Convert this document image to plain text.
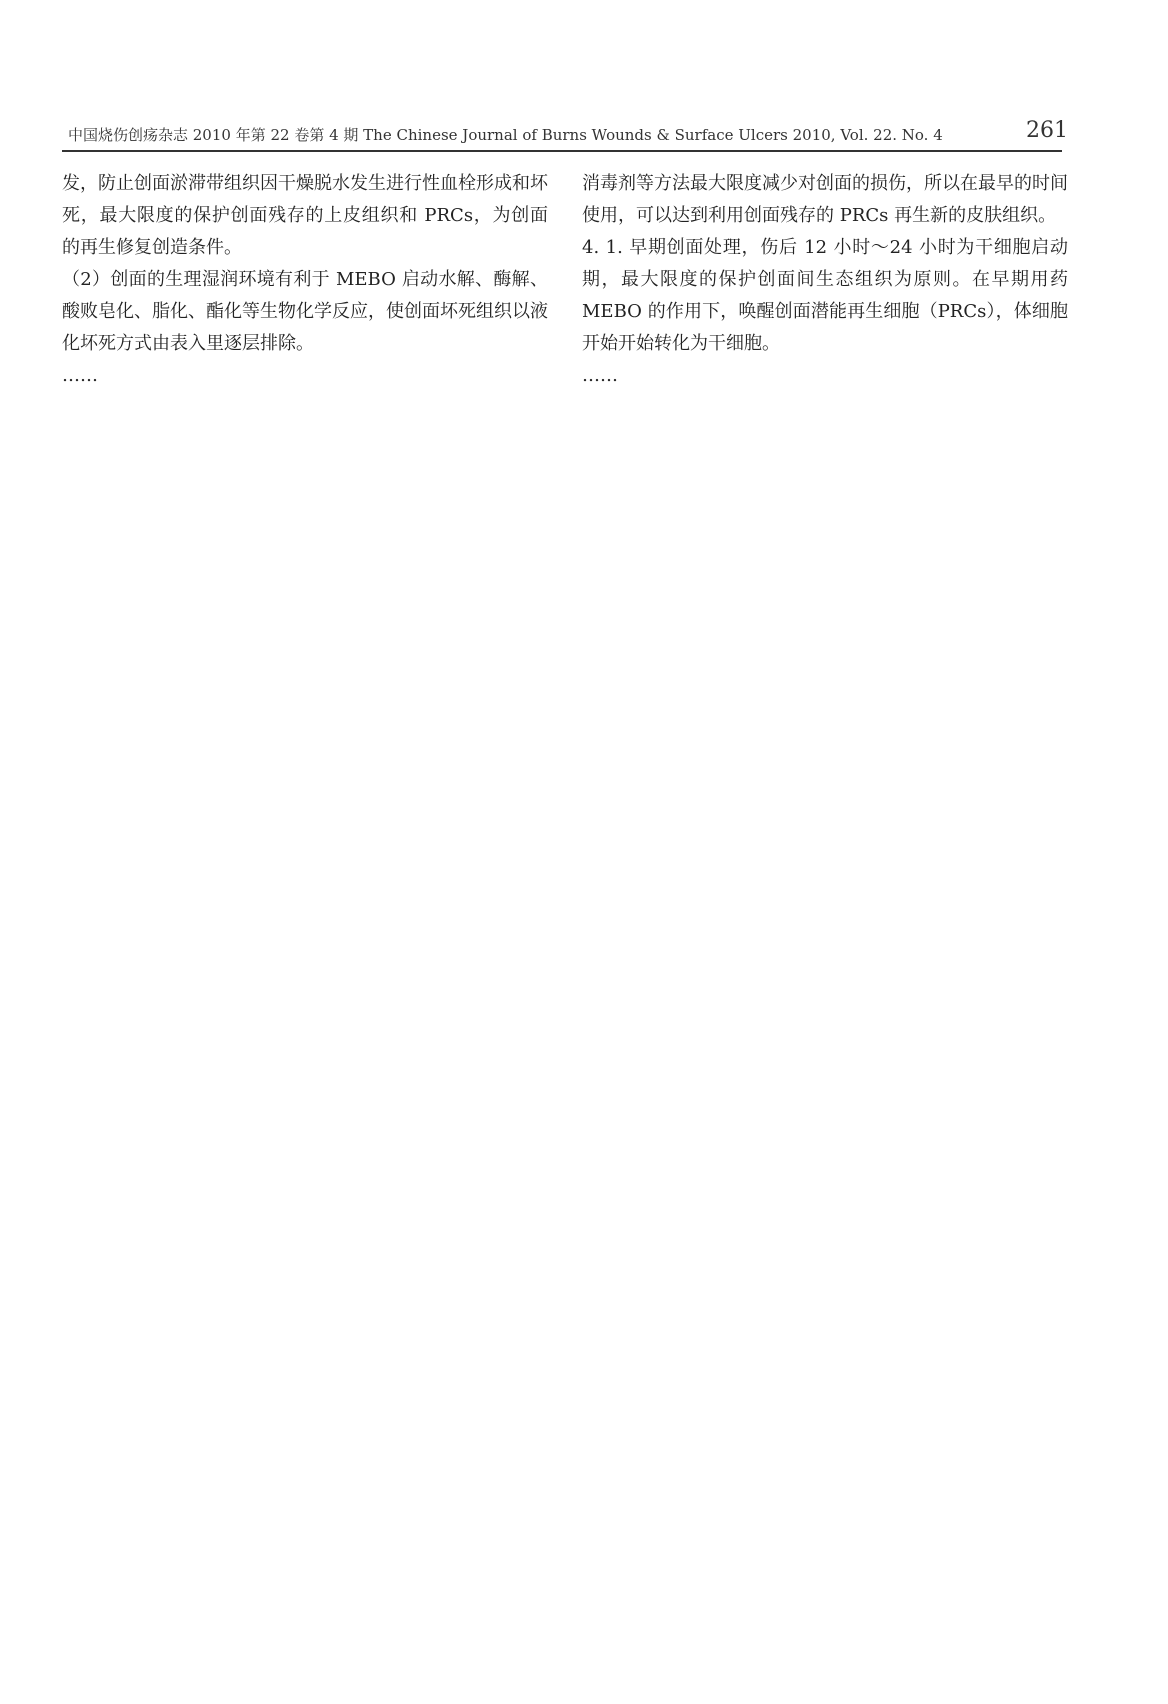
中国烧伤创疡杂志 2010 年第 22 卷第 4 期 The Chinese Journal of Burns Wounds & Surface Ulcers 2010, Vol. 22. No. 4	261

发，防止创面淤滞带组织因干燥脱水发生进行性血栓形成和坏死，最大限度的保护创面残存的上皮组织和 PRCs，为创面的再生修复创造条件。

（2）创面的生理湿润环境有利于 MEBO 启动水解、酶解、酸败皂化、脂化、酯化等生物化学反应，使创面坏死组织以液化坏死方式由表入里逐层排除。

……

消毒剂等方法最大限度减少对创面的损伤，所以在最早的时间使用，可以达到利用创面残存的 PRCs 再生新的皮肤组织。

4. 1. 早期创面处理，伤后 12 小时～24 小时为干细胞启动期，最大限度的保护创面间生态组织为原则。在早期用药 MEBO 的作用下，唤醒创面潜能再生细胞（PRCs），体细胞开始开始转化为干细胞。

……
